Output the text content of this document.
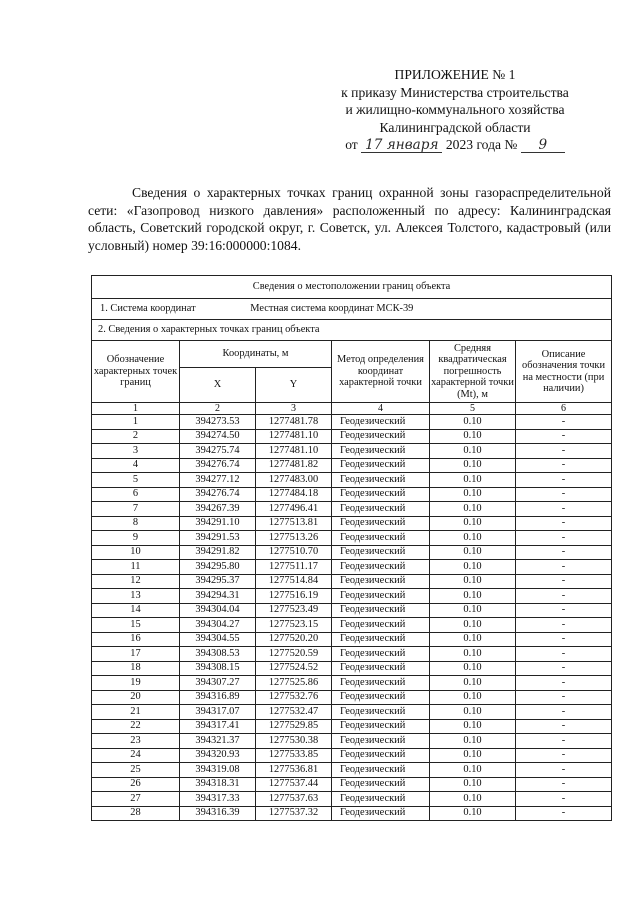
ПРИЛОЖЕНИЕ № 1
к приказу Министерства строительства
и жилищно-коммунального хозяйства
Калининградской области
от 17 января 2023 года № 9
Сведения о характерных точках границ охранной зоны газораспределительной сети: «Газопровод низкого давления» расположенный по адресу: Калининградская область, Советский городской округ, г. Советск, ул. Алексея Толстого, кадастровый (или условный) номер 39:16:000000:1084.
Сведения о местоположении границ объекта					
1. Система координат Местная система координат МСК-39					
2. Сведения о характерных точках границ объекта					
Обозначение характерных точек границ	Координаты, м		Метод определения координат характерной точки	Средняя квадратическая погрешность характерной точки (Mt), м	Описание обозначения точки на местности (при наличии)
	X	Y			
1	2	3	4	5	6
1	394273.53	1277481.78	Геодезический	0.10	-
2	394274.50	1277481.10	Геодезический	0.10	-
3	394275.74	1277481.10	Геодезический	0.10	-
4	394276.74	1277481.82	Геодезический	0.10	-
5	394277.12	1277483.00	Геодезический	0.10	-
6	394276.74	1277484.18	Геодезический	0.10	-
7	394267.39	1277496.41	Геодезический	0.10	-
8	394291.10	1277513.81	Геодезический	0.10	-
9	394291.53	1277513.26	Геодезический	0.10	-
10	394291.82	1277510.70	Геодезический	0.10	-
11	394295.80	1277511.17	Геодезический	0.10	-
12	394295.37	1277514.84	Геодезический	0.10	-
13	394294.31	1277516.19	Геодезический	0.10	-
14	394304.04	1277523.49	Геодезический	0.10	-
15	394304.27	1277523.15	Геодезический	0.10	-
16	394304.55	1277520.20	Геодезический	0.10	-
17	394308.53	1277520.59	Геодезический	0.10	-
18	394308.15	1277524.52	Геодезический	0.10	-
19	394307.27	1277525.86	Геодезический	0.10	-
20	394316.89	1277532.76	Геодезический	0.10	-
21	394317.07	1277532.47	Геодезический	0.10	-
22	394317.41	1277529.85	Геодезический	0.10	-
23	394321.37	1277530.38	Геодезический	0.10	-
24	394320.93	1277533.85	Геодезический	0.10	-
25	394319.08	1277536.81	Геодезический	0.10	-
26	394318.31	1277537.44	Геодезический	0.10	-
27	394317.33	1277537.63	Геодезический	0.10	-
28	394316.39	1277537.32	Геодезический	0.10	-
